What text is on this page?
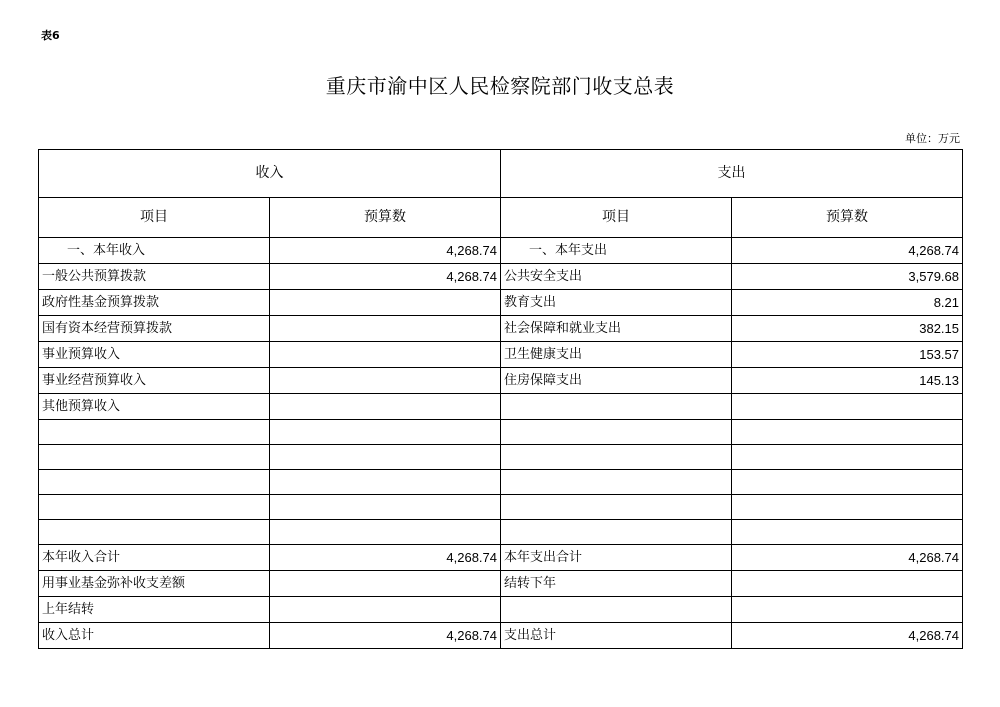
表6
重庆市渝中区人民检察院部门收支总表
单位：万元
收入		支出	
项目	预算数	项目	预算数
一、本年收入	4,268.74	一、本年支出	4,268.74
一般公共预算拨款	4,268.74	公共安全支出	3,579.68
政府性基金预算拨款		教育支出	8.21
国有资本经营预算拨款		社会保障和就业支出	382.15
事业预算收入		卫生健康支出	153.57
事业经营预算收入		住房保障支出	145.13
其他预算收入			

本年收入合计	4,268.74	本年支出合计	4,268.74
用事业基金弥补收支差额		结转下年	
上年结转			
收入总计	4,268.74	支出总计	4,268.74
